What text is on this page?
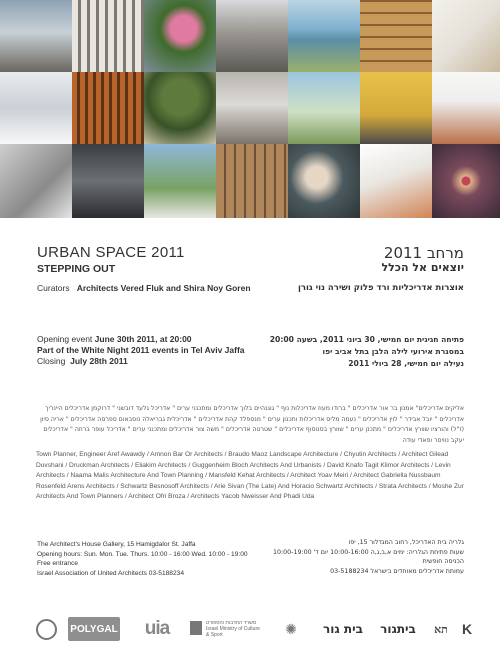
URBAN SPACE 2011
STEPPING OUT
Curators Architects Vered Fluk and Shira Noy Goren
מרחב 2011
יוצאים אל הכלל
אוצרות אדריכליות ורד פלוק ושירה נוי גורן
Opening event June 30th 2011, at 20:00
Part of the White Night 2011 events in Tel Aviv Jaffa
Closing July 28th 2011
פתיחה חגיגית יום חמישי, 30 ביוני 2011, בשעה 20:00
במסגרת אירועי לילה הלבן בתל אביב יפו
נעילה יום חמישי, 28 ביולי 2011
אליקים אדריכלים" אמנון בר אור אדריכלים " ברודו מעוז אדריכלות נוף " גוגנהיים בלוך אדריכלים ומתכנני ערים " אדריכל גלעד דובשני " דרוקמן אדריכלים היינריך אדריכלים " יובל אבידר " לוין אדריכלים " נעמה מליס אדריכלות ותכנון ערים " מנספלד קהת אדריכלים " אדריכלית גבריאלה נוסבאום ספרסה אדריכלים " אריה סיון (ז"ל) והורציו שוורץ אדריכלים " מתכנן ערים " שוורץ בסנוסוף אדריכלים " שטרטה אדריכלים " משה צור אדריכלים ומתכנני ערים " אדריכל עופר ברוזה " אדריכלים יעקב נוויסר ופאדי עודה
Town Planner, Engineer Aref Awawdy / Amnon Bar Or Architects / Braudo Maoz Landscape Architecture / Chyutin Architects / Architect Gilead Duvshani / Druckman Architects / Eliakim Architects / Guggenheim Bloch Architects And Urbanists / David Knafo Tagit Klimor Architects / Levin Architects / Naama Malis Architecture And Town Planning / Mansfeld Kehat Architects / Architect Yoav Meiri / Architect Gabriella Nussbaum Rosenfeld Arens Architects / Schwartz Besnosoff Architects / Arie Sivan (The Late) And Horacio Schwartz Architects / Strata Architects / Moshe Zur Architects And Town Planners / Architect Ofri Broza / Architects Yacob Nweisser And Phadi Uda
The Architect's House Gallery, 15 Hamigdalor St. Jaffa
Opening hours: Sun. Mon. Tue. Thurs. 10:00 - 16:00 Wed. 10:00 - 19:00
Free entrance
Israel Association of United Architects 03-5188234
גלריה בית האדריכל, רחוב המגדלור 15, יפו
שעות פתיחת הגלריה: ימים א,ב,ג,ה 10:00-16:00 יום ד' 10:00-19:00
הכניסה חופשית
עמותת אדריכלים מאוחדים בישראל 03-5188234
POLYGAL	uia	משרד התרבות והספורט
Israel Ministry of Culture & Sport	✺	בית גור	ביתגור	תא	K
